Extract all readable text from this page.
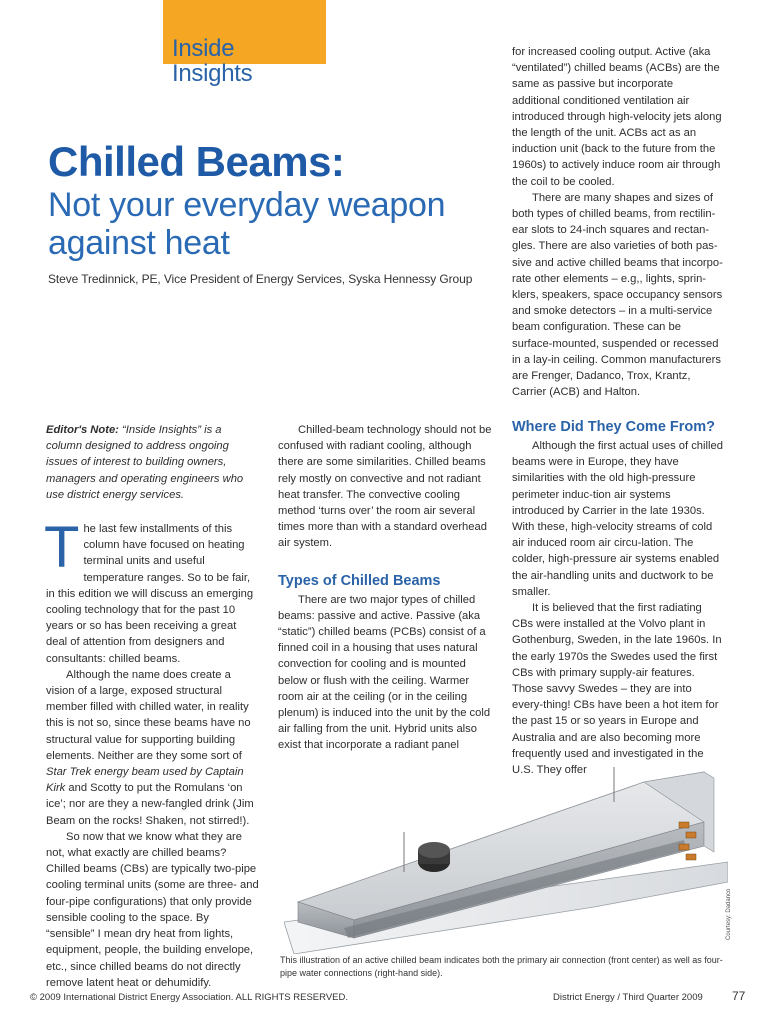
Inside
Insights
Chilled Beams:
Not your everyday weapon against heat
Steve Tredinnick, PE, Vice President of Energy Services, Syska Hennessy Group

for increased cooling output. Active (aka “ventilated”) chilled beams (ACBs) are the same as passive but incorporate additional conditioned ventilation air introduced through high-velocity jets along the length of the unit. ACBs act as an induction unit (back to the future from the 1960s) to actively induce room air through the coil to be cooled.

There are many shapes and sizes of both types of chilled beams, from rectilin-ear slots to 24-inch squares and rectan-gles. There are also varieties of both pas-sive and active chilled beams that incorpo-rate other elements – e.g,, lights, sprin-klers, speakers, space occupancy sensors and smoke detectors – in a multi-service beam configuration. These can be surface-mounted, suspended or recessed in a lay-in ceiling. Common manufacturers are Frenger, Dadanco, Trox, Krantz, Carrier (ACB) and Halton.

Editor's Note: “Inside Insights” is a column designed to address ongoing issues of interest to building owners, managers and operating engineers who use district energy services.

The last few installments of this column have focused on heating terminal units and useful temperature ranges. So to be fair, in this edition we will discuss an emerging cooling technology that for the past 10 years or so has been receiving a great deal of attention from designers and consultants: chilled beams.

Although the name does create a vision of a large, exposed structural member filled with chilled water, in reality this is not so, since these beams have no structural value for supporting building elements. Neither are they some sort of Star Trek energy beam used by Captain Kirk and Scotty to put the Romulans ‘on ice’; nor are they a new-fangled drink (Jim Beam on the rocks! Shaken, not stirred!).

So now that we know what they are not, what exactly are chilled beams? Chilled beams (CBs) are typically two-pipe cooling terminal units (some are three- and four-pipe configurations) that only provide sensible cooling to the space. By “sensible” I mean dry heat from lights, equipment, people, the building envelope, etc., since chilled beams do not directly remove latent heat or dehumidify.

Chilled-beam technology should not be confused with radiant cooling, although there are some similarities. Chilled beams rely mostly on convective and not radiant heat transfer. The convective cooling method ‘turns over’ the room air several times more than with a standard overhead air system.

Types of Chilled Beams

There are two major types of chilled beams: passive and active. Passive (aka “static”) chilled beams (PCBs) consist of a finned coil in a housing that uses natural convection for cooling and is mounted below or flush with the ceiling. Warmer room air at the ceiling (or in the ceiling plenum) is induced into the unit by the cold air falling from the unit. Hybrid units also exist that incorporate a radiant panel

Where Did They Come From?

Although the first actual uses of chilled beams were in Europe, they have similarities with the old high-pressure perimeter induc-tion air systems introduced by Carrier in the late 1930s. With these, high-velocity streams of cold air induced room air circu-lation. The colder, high-pressure air systems enabled the air-handling units and ductwork to be smaller.

It is believed that the first radiating CBs were installed at the Volvo plant in Gothenburg, Sweden, in the late 1960s. In the early 1970s the Swedes used the first CBs with primary supply-air features. Those savvy Swedes – they are into every-thing! CBs have been a hot item for the past 15 or so years in Europe and Australia and are also becoming more frequently used and investigated in the U.S. They offer

Courtesy: Dadanco
This illustration of an active chilled beam indicates both the primary air connection (front center) as well as four-pipe water connections (right-hand side).
© 2009 International District Energy Association. ALL RIGHTS RESERVED.	District Energy / Third Quarter 2009 77
